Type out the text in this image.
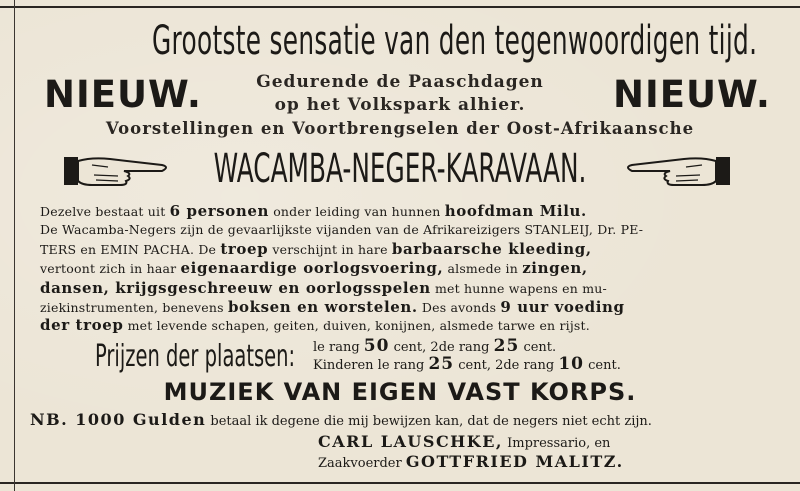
Grootste sensatie van den tegenwoordigen tijd.
NIEUW.	NIEUW.
Gedurende de Paaschdagen
op het Volkspark alhier.
Voorstellingen en Voortbrengselen der Oost-Afrikaansche
WACAMBA-NEGER-KARAVAAN.
Dezelve bestaat uit 6 personen onder leiding van hunnen hoofdman Milu.
De Wacamba-Negers zijn de gevaarlijkste vijanden van de Afrikareizigers STANLEIJ, Dr. PE-
TERS en EMIN PACHA. De troep verschijnt in hare barbaarsche kleeding,
vertoont zich in haar eigenaardige oorlogsvoering, alsmede in zingen,
dansen, krijgsgeschreeuw en oorlogsspelen met hunne wapens en mu-
ziekinstrumenten, benevens boksen en worstelen. Des avonds 9 uur voeding
der troep met levende schapen, geiten, duiven, konijnen, alsmede tarwe en rijst.
Prijzen der plaatsen: le rang 50 cent, 2de rang 25 cent.
Kinderen le rang 25 cent, 2de rang 10 cent.
MUZIEK VAN EIGEN VAST KORPS.
NB. 1000 Gulden betaal ik degene die mij bewijzen kan, dat de negers niet echt zijn.
CARL LAUSCHKE, Impressario, en
Zaakvoerder GOTTFRIED MALITZ.
